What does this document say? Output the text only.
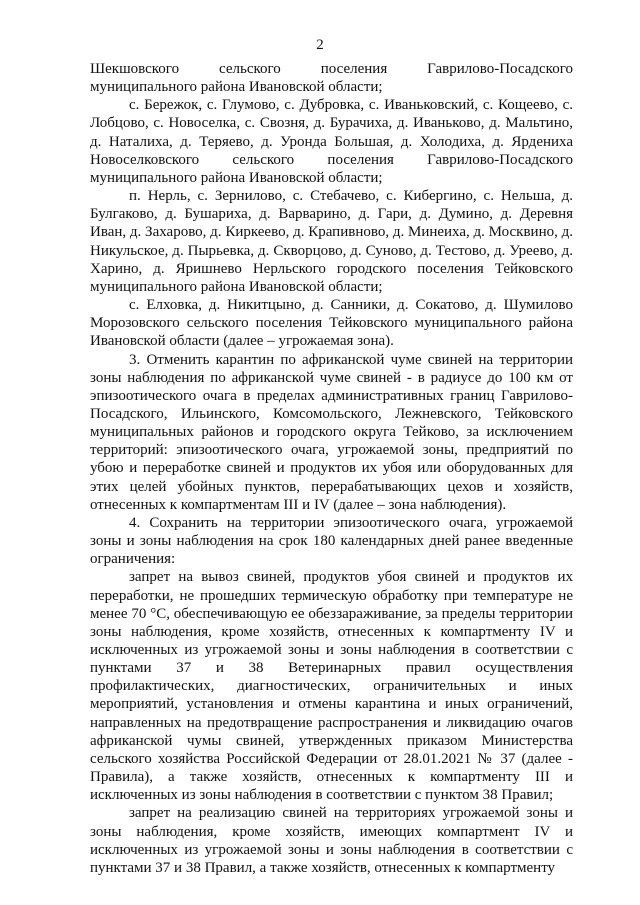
2

Шекшовского сельского поселения Гаврилово-Посадского муниципального района Ивановской области;

с. Бережок, с. Глумово, с. Дубровка, с. Иваньковский, с. Кощеево, с. Лобцово, с. Новоселка, с. Свозня, д. Бурачиха, д. Иваньково, д. Мальтино, д. Наталиха, д. Теряево, д. Уронда Большая, д. Холодиха, д. Ярдениха Новоселковского сельского поселения Гаврилово-Посадского муниципального района Ивановской области;

п. Нерль, с. Зернилово, с. Стебачево, с. Кибергино, с. Нельша, д. Булгаково, д. Бушариха, д. Варварино, д. Гари, д. Думино, д. Деревня Иван, д. Захарово, д. Киркеево, д. Крапивново, д. Минеиха, д. Москвино, д. Никульское, д. Пырьевка, д. Скворцово, д. Суново, д. Тестово, д. Уреево, д. Харино, д. Яришнево Нерльского городского поселения Тейковского муниципального района Ивановской области;

с. Елховка, д. Никитцыно, д. Санники, д. Сокатово, д. Шумилово Морозовского сельского поселения Тейковского муниципального района Ивановской области (далее – угрожаемая зона).

3. Отменить карантин по африканской чуме свиней на территории зоны наблюдения по африканской чуме свиней - в радиусе до 100 км от эпизоотического очага в пределах административных границ Гаврилово-Посадского, Ильинского, Комсомольского, Лежневского, Тейковского муниципальных районов и городского округа Тейково, за исключением территорий: эпизоотического очага, угрожаемой зоны, предприятий по убою и переработке свиней и продуктов их убоя или оборудованных для этих целей убойных пунктов, перерабатывающих цехов и хозяйств, отнесенных к компартментам III и IV (далее – зона наблюдения).

4. Сохранить на территории эпизоотического очага, угрожаемой зоны и зоны наблюдения на срок 180 календарных дней ранее введенные ограничения:

запрет на вывоз свиней, продуктов убоя свиней и продуктов их переработки, не прошедших термическую обработку при температуре не менее 70 °С, обеспечивающую ее обеззараживание, за пределы территории зоны наблюдения, кроме хозяйств, отнесенных к компартменту IV и исключенных из угрожаемой зоны и зоны наблюдения в соответствии с пунктами 37 и 38 Ветеринарных правил осуществления профилактических, диагностических, ограничительных и иных мероприятий, установления и отмены карантина и иных ограничений, направленных на предотвращение распространения и ликвидацию очагов африканской чумы свиней, утвержденных приказом Министерства сельского хозяйства Российской Федерации от 28.01.2021 № 37 (далее - Правила), а также хозяйств, отнесенных к компартменту III и исключенных из зоны наблюдения в соответствии с пунктом 38 Правил;

запрет на реализацию свиней на территориях угрожаемой зоны и зоны наблюдения, кроме хозяйств, имеющих компартмент IV и исключенных из угрожаемой зоны и зоны наблюдения в соответствии с пунктами 37 и 38 Правил, а также хозяйств, отнесенных к компартменту
